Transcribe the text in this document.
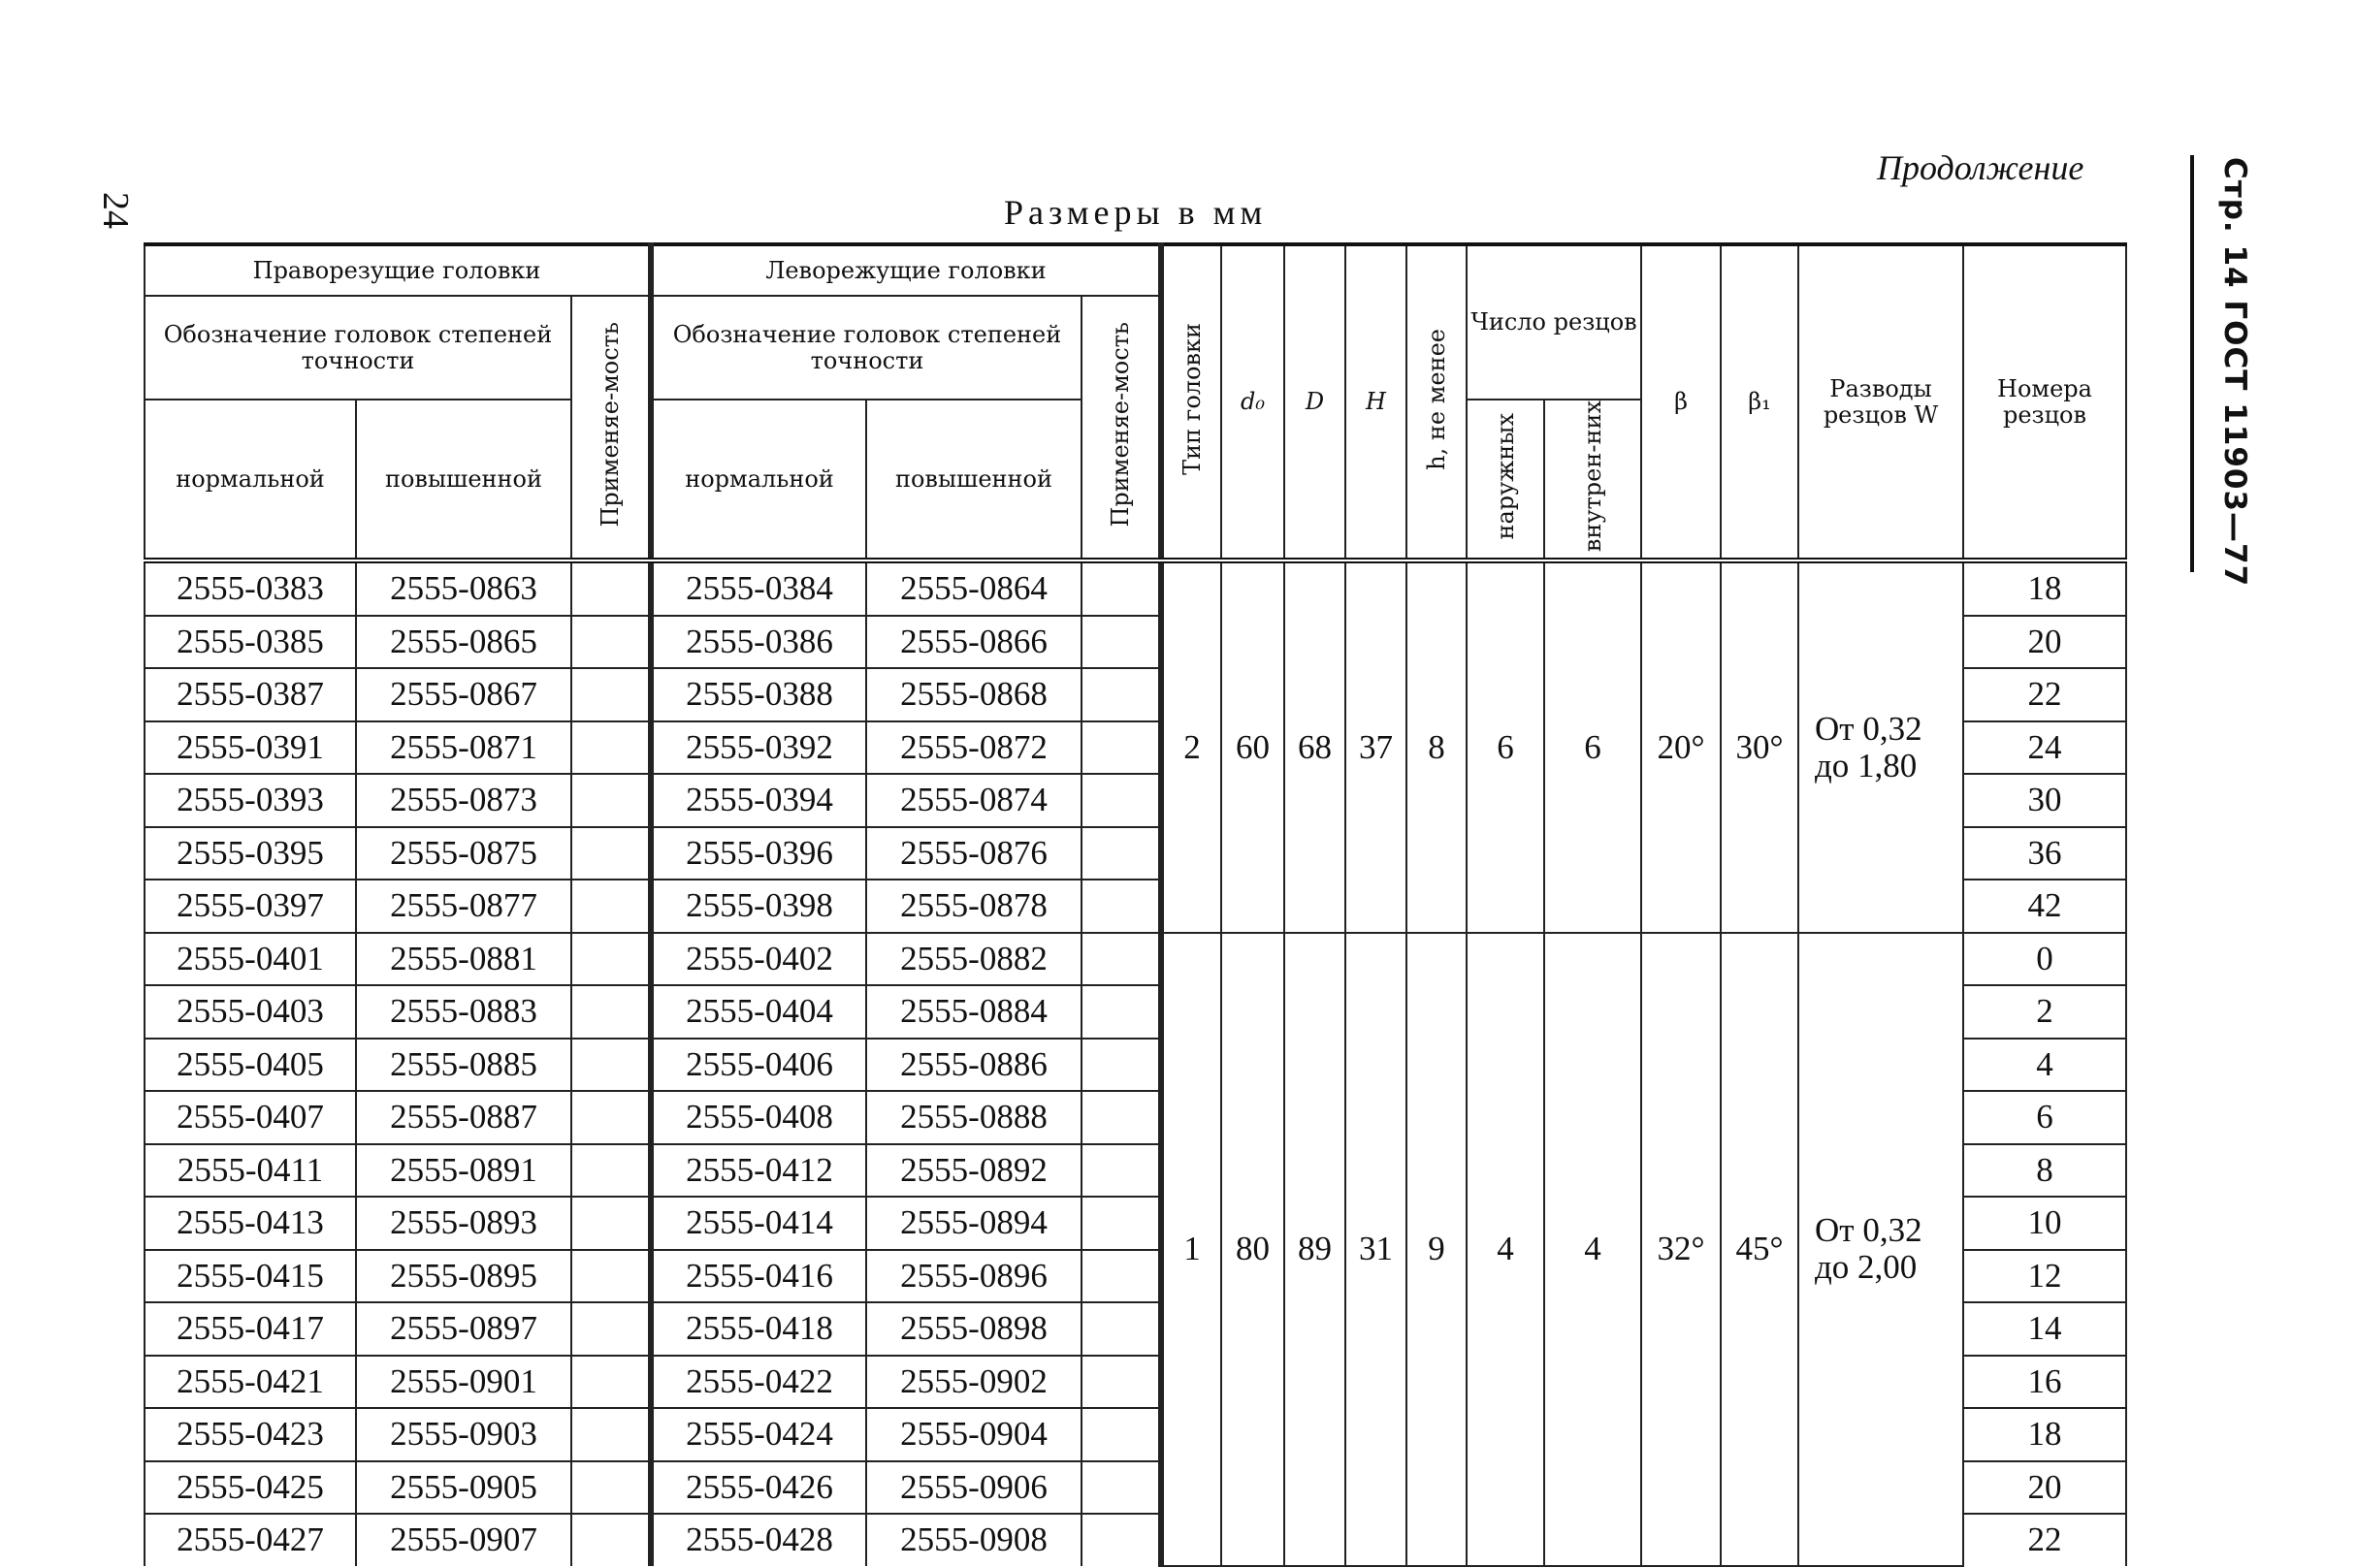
24
Продолжение
Размеры в мм	Стр. 14 ГОСТ 11903—77
Праворезущие головки			Леворежущие головки			Тип головки	d₀	D	H	h, не менее	Число резцов		β	β₁	Разводы резцов W	Номера резцов
Обозначение головок степеней точности		Применяе-мость	Обозначение головок степеней точности		Применяе-мость											
нормальной	повышенной		нормальной	повышенной							наружных	внутрен-них				
2555-0383	2555-0863		2555-0384	2555-0864		2	60	68	37	8	6	6	20°	30°	От 0,32 до 1,80	18
2555-0385	2555-0865		2555-0386	2555-0866												20
2555-0387	2555-0867		2555-0388	2555-0868												22
2555-0391	2555-0871		2555-0392	2555-0872												24
2555-0393	2555-0873		2555-0394	2555-0874												30
2555-0395	2555-0875		2555-0396	2555-0876												36
2555-0397	2555-0877		2555-0398	2555-0878												42
2555-0401	2555-0881		2555-0402	2555-0882		1	80	89	31	9	4	4	32°	45°	От 0,32 до 2,00	0
2555-0403	2555-0883		2555-0404	2555-0884												2
2555-0405	2555-0885		2555-0406	2555-0886												4
2555-0407	2555-0887		2555-0408	2555-0888												6
2555-0411	2555-0891		2555-0412	2555-0892												8
2555-0413	2555-0893		2555-0414	2555-0894												10
2555-0415	2555-0895		2555-0416	2555-0896												12
2555-0417	2555-0897		2555-0418	2555-0898												14
2555-0421	2555-0901		2555-0422	2555-0902												16
2555-0423	2555-0903		2555-0424	2555-0904												18
2555-0425	2555-0905		2555-0426	2555-0906												20
2555-0427	2555-0907		2555-0428	2555-0908												22
